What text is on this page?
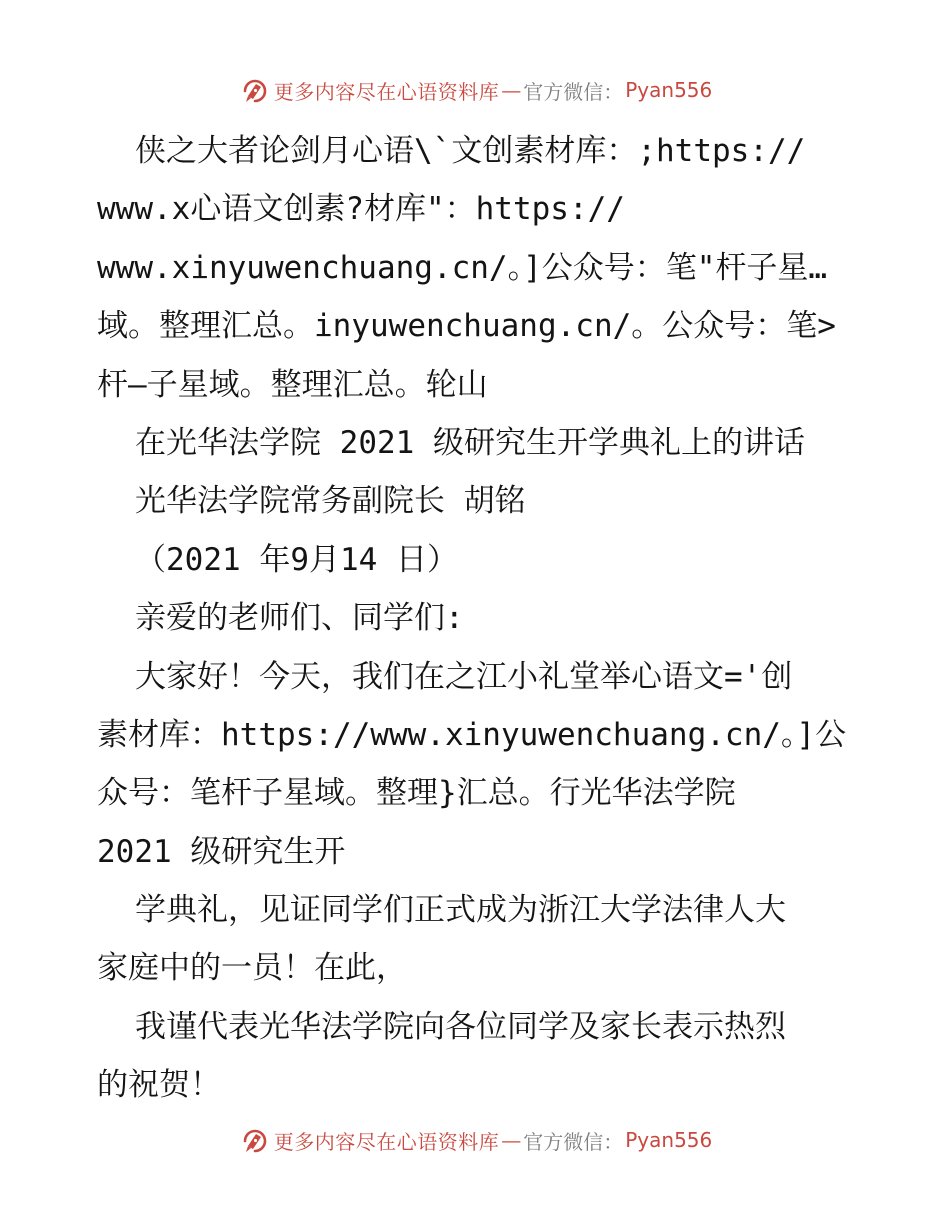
更多内容尽在心语资料库 — 官方微信： Pyan556
侠之大者论剑月心语\`文创素材库：;https://
www.x心语文创素?材库"：https://
www.xinyuwenchuang.cn/。]公众号：笔"杆子星…
域。整理汇总。inyuwenchuang.cn/。公众号：笔>
杆—子星域。整理汇总。轮山
在光华法学院 2021 级研究生开学典礼上的讲话
光华法学院常务副院长 胡铭
（2021 年9月14 日）
亲爱的老师们、同学们:
大家好！今天，我们在之江小礼堂举心语文='创
素材库：https://www.xinyuwenchuang.cn/。]公
众号：笔杆子星域。整理}汇总。行光华法学院
2021 级研究生开
学典礼，见证同学们正式成为浙江大学法律人大
家庭中的一员！在此，
我谨代表光华法学院向各位同学及家长表示热烈
的祝贺！
更多内容尽在心语资料库 — 官方微信： Pyan556
